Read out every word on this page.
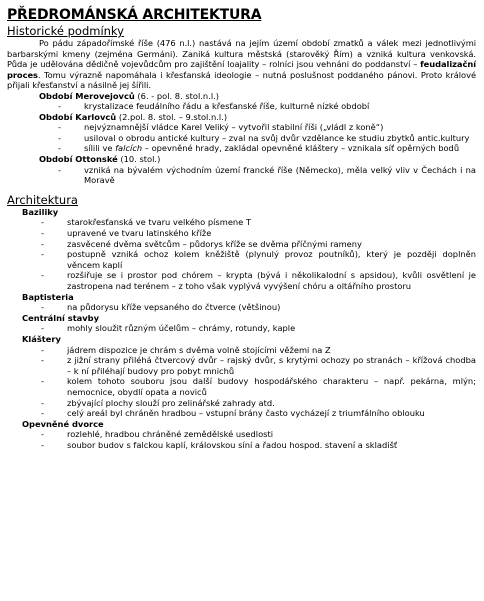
PŘEDROMÁNSKÁ ARCHITEKTURA
Historické podmínky

Po pádu západořímské říše (476 n.l.) nastává na jejím území období zmatků a válek mezi jednotlivými barbarskými kmeny (zejména Germáni). Zaniká kultura městská (starověký Řím) a vzniká kultura venkovská. Půda je udělována dědičně vojevůdcům pro zajištění loajality – rolníci jsou vehnáni do poddanství – feudalizační proces. Tomu výrazně napomáhala i křesťanská ideologie – nutná poslušnost poddaného pánovi. Proto králové přijali křesťanství a násilně jej šířili.

Období Merovejovců (6. - pol. 8. stol.n.l.)
- krystalizace feudálního řádu a křesťanské říše, kulturně nízké období
Období Karlovců (2.pol. 8. stol. – 9.stol.n.l.)
- nejvýznamnější vládce Karel Veliký – vytvořil stabilní říši („vládl z koně“)
- usiloval o obrodu antické kultury – zval na svůj dvůr vzdělance ke studiu zbytků antic.kultury
- sílili ve falcích – opevněné hrady, zakládal opevněné kláštery – vznikala síť opěrných bodů
Období Ottonské (10. stol.)
- vzniká na bývalém východním území francké říše (Německo), měla velký vliv v Čechách i na Moravě
Architektura
Baziliky
- starokřesťanská ve tvaru velkého písmene T
- upravené ve tvaru latinského kříže
- zasvěcené dvěma světcům – půdorys kříže se dvěma příčnými rameny
- postupně vzniká ochoz kolem kněžiště (plynulý provoz poutníků), který je později doplněn věncem kaplí
- rozšiřuje se i prostor pod chórem – krypta (bývá i několikalodní s apsidou), kvůli osvětlení je zastropena nad terénem – z toho však vyplývá vyvýšení chóru a oltářního prostoru
Baptisteria
- na půdorysu kříže vepsaného do čtverce (většinou)
Centrální stavby
- mohly sloužit různým účelům – chrámy, rotundy, kaple
Kláštery
- jádrem dispozice je chrám s dvěma volně stojícími věžemi na Z
- z jižní strany přiléhá čtvercový dvůr – rajský dvůr, s krytými ochozy po stranách – křížová chodba – k ní přiléhají budovy pro pobyt mnichů
- kolem tohoto souboru jsou další budovy hospodářského charakteru – např. pekárna, mlýn; nemocnice, obydlí opata a noviců
- zbývající plochy slouží pro zelinářské zahrady atd.
- celý areál byl chráněn hradbou – vstupní brány často vycházejí z triumfálního oblouku
Opevněné dvorce
- rozlehlé, hradbou chráněné zemědělské usedlosti
- soubor budov s falckou kaplí, královskou síní a řadou hospod. stavení a skladišť
